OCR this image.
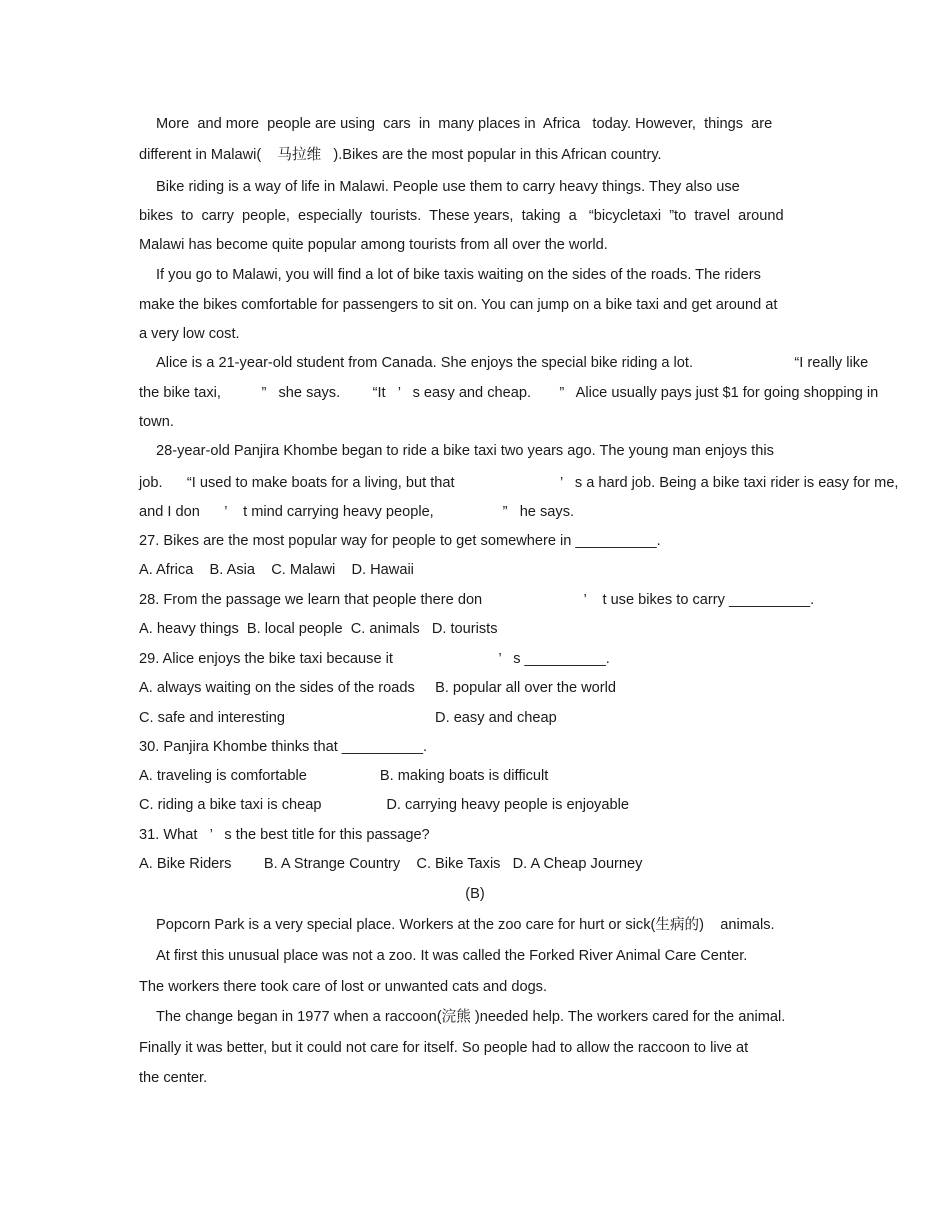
More  and more  people are using  cars  in  many places in  Africa   today. However,  things  are
different in Malawi(    马拉维   ).Bikes are the most popular in this African country.
Bike riding is a way of life in Malawi. People use them to carry heavy things. They also use
bikes  to  carry  people,  especially  tourists.  These years,  taking  a   “bicycletaxi  ”to  travel  around
Malawi has become quite popular among tourists from all over the world.
If you go to Malawi, you will find a lot of bike taxis waiting on the sides of the roads. The riders
make the bikes comfortable for passengers to sit on. You can jump on a bike taxi and get around at
a very low cost.
Alice is a 21-year-old student from Canada. She enjoys the special bike riding a lot.                         “I really like
the bike taxi,          ”   she says.        “It   ’   s easy and cheap.       ”   Alice usually pays just $1 for going shopping in
town.
28-year-old Panjira Khombe began to ride a bike taxi two years ago. The young man enjoys this
job.      “I used to make boats for a living, but that                          ’   s a hard job. Being a bike taxi rider is easy for me,
and I don      ’    t mind carrying heavy people,                 ”   he says.
27. Bikes are the most popular way for people to get somewhere in __________.
A. Africa    B. Asia    C. Malawi    D. Hawaii
28. From the passage we learn that people there don                         ’    t use bikes to carry __________.
A. heavy things  B. local people  C. animals   D. tourists
29. Alice enjoys the bike taxi because it                          ’   s __________.
A. always waiting on the sides of the roads     B. popular all over the world
C. safe and interesting                                     D. easy and cheap
30. Panjira Khombe thinks that __________.
A. traveling is comfortable                  B. making boats is difficult
C. riding a bike taxi is cheap                D. carrying heavy people is enjoyable
31. What   ’   s the best title for this passage?
A. Bike Riders        B. A Strange Country    C. Bike Taxis   D. A Cheap Journey
(B)
Popcorn Park is a very special place. Workers at the zoo care for hurt or sick(生病的)    animals.
At first this unusual place was not a zoo. It was called the Forked River Animal Care Center.
The workers there took care of lost or unwanted cats and dogs.
The change began in 1977 when a raccoon(浣熊 )needed help. The workers cared for the animal.
Finally it was better, but it could not care for itself. So people had to allow the raccoon to live at
the center.
